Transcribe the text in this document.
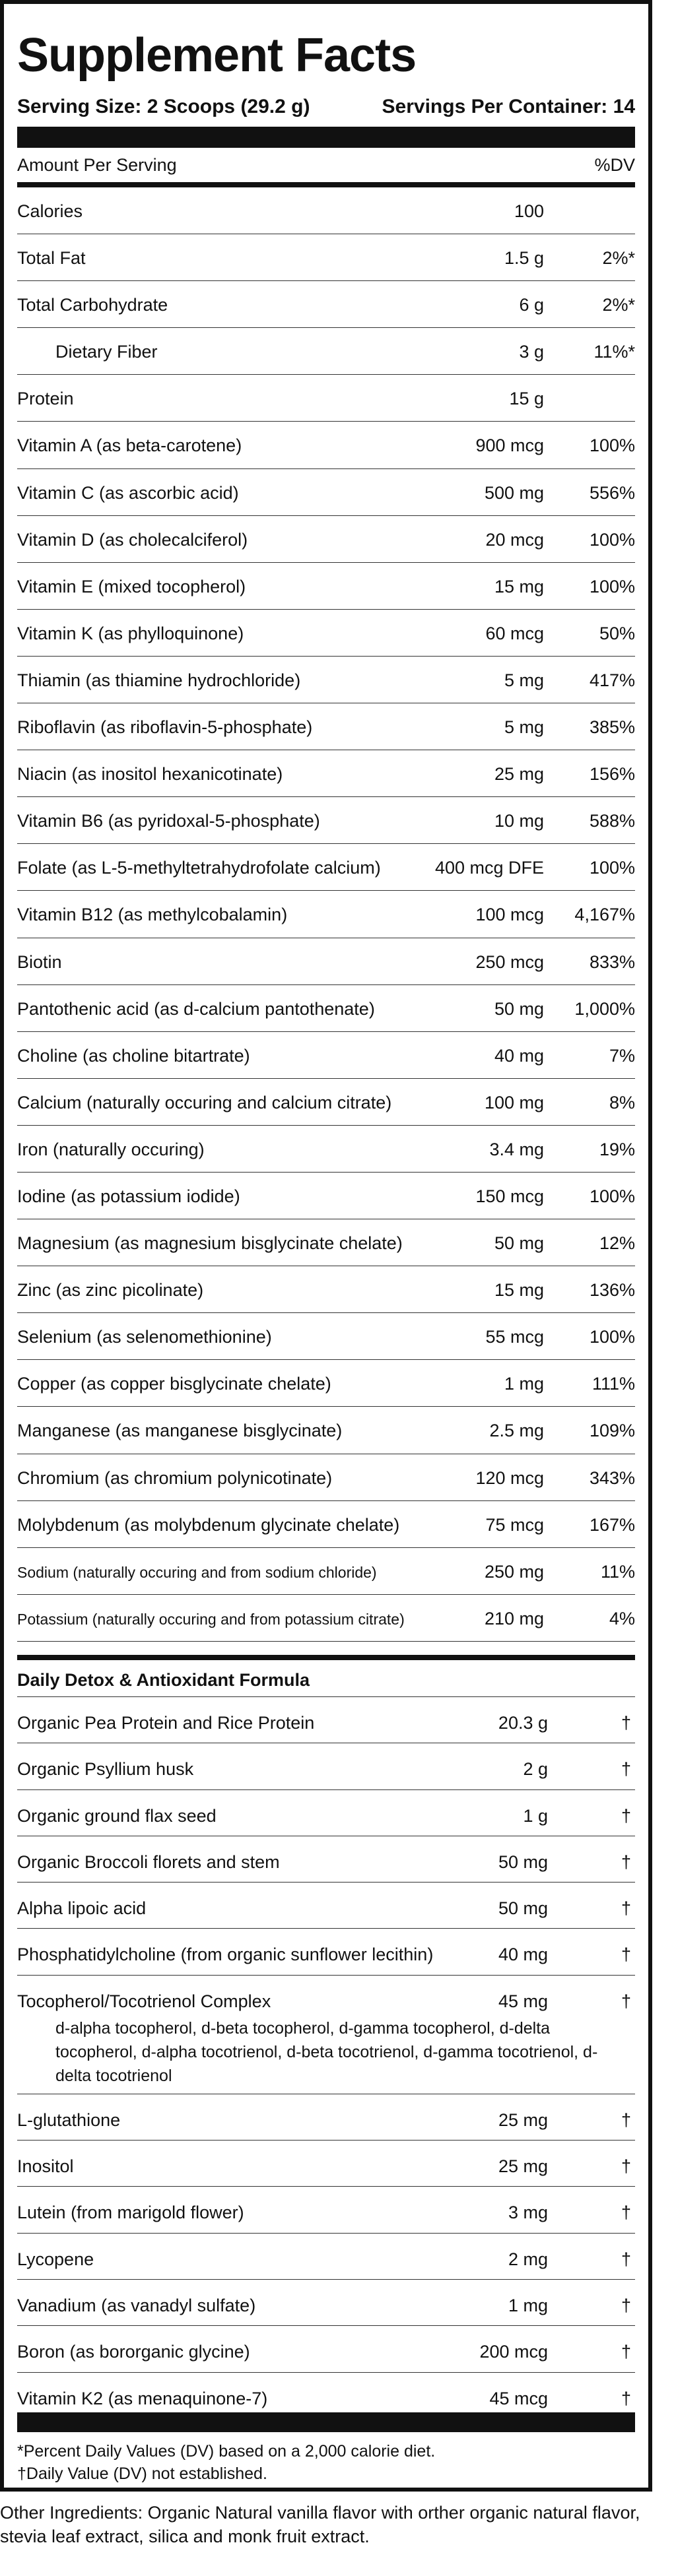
Supplement Facts
Serving Size: 2 Scoops (29.2 g)	Servings Per Container: 14
Amount Per Serving	%DV
Calories	100
Total Fat	1.5 g	2%*
Total Carbohydrate	6 g	2%*
Dietary Fiber	3 g	11%*
Protein	15 g
Vitamin A (as beta-carotene)	900 mcg	100%
Vitamin C (as ascorbic acid)	500 mg	556%
Vitamin D (as cholecalciferol)	20 mcg	100%
Vitamin E (mixed tocopherol)	15 mg	100%
Vitamin K (as phylloquinone)	60 mcg	50%
Thiamin (as thiamine hydrochloride)	5 mg	417%
Riboflavin (as riboflavin-5-phosphate)	5 mg	385%
Niacin (as inositol hexanicotinate)	25 mg	156%
Vitamin B6 (as pyridoxal-5-phosphate)	10 mg	588%
Folate (as L-5-methyltetrahydrofolate calcium)	400 mcg DFE	100%
Vitamin B12 (as methylcobalamin)	100 mcg 4,167%
Biotin	250 mcg	833%
Pantothenic acid (as d-calcium pantothenate)	50 mg 1,000%
Choline (as choline bitartrate)	40 mg	7%
Calcium (naturally occuring and calcium citrate)	100 mg	8%
Iron (naturally occuring)	3.4 mg	19%
Iodine (as potassium iodide)	150 mcg	100%
Magnesium (as magnesium bisglycinate chelate)	50 mg	12%
Zinc (as zinc picolinate)	15 mg	136%
Selenium (as selenomethionine)	55 mcg	100%
Copper (as copper bisglycinate chelate)	1 mg	111%
Manganese (as manganese bisglycinate)	2.5 mg	109%
Chromium (as chromium polynicotinate)	120 mcg	343%
Molybdenum (as molybdenum glycinate chelate)	75 mcg	167%
Sodium (naturally occuring and from sodium chloride)	250 mg	11%
Potassium (naturally occuring and from potassium citrate)	210 mg	4%
Daily Detox & Antioxidant Formula
Organic Pea Protein and Rice Protein	20.3 g	†
Organic Psyllium husk	2 g	†
Organic ground flax seed	1 g	†
Organic Broccoli florets and stem	50 mg	†
Alpha lipoic acid	50 mg	†
Phosphatidylcholine (from organic sunflower lecithin)	40 mg	†
Tocopherol/Tocotrienol Complex	45 mg	†
d-alpha tocopherol, d-beta tocopherol, d-gamma tocopherol, d-delta tocopherol, d-alpha tocotrienol, d-beta tocotrienol, d-gamma tocotrienol, d-delta tocotrienol
L-glutathione	25 mg	†
Inositol	25 mg	†
Lutein (from marigold flower)	3 mg	†
Lycopene	2 mg	†
Vanadium (as vanadyl sulfate)	1 mg	†
Boron (as bororganic glycine)	200 mcg	†
Vitamin K2 (as menaquinone-7)	45 mcg	†
*Percent Daily Values (DV) based on a 2,000 calorie diet.
†Daily Value (DV) not established.
Other Ingredients: Organic Natural vanilla flavor with orther organic natural flavor, stevia leaf extract, silica and monk fruit extract.
